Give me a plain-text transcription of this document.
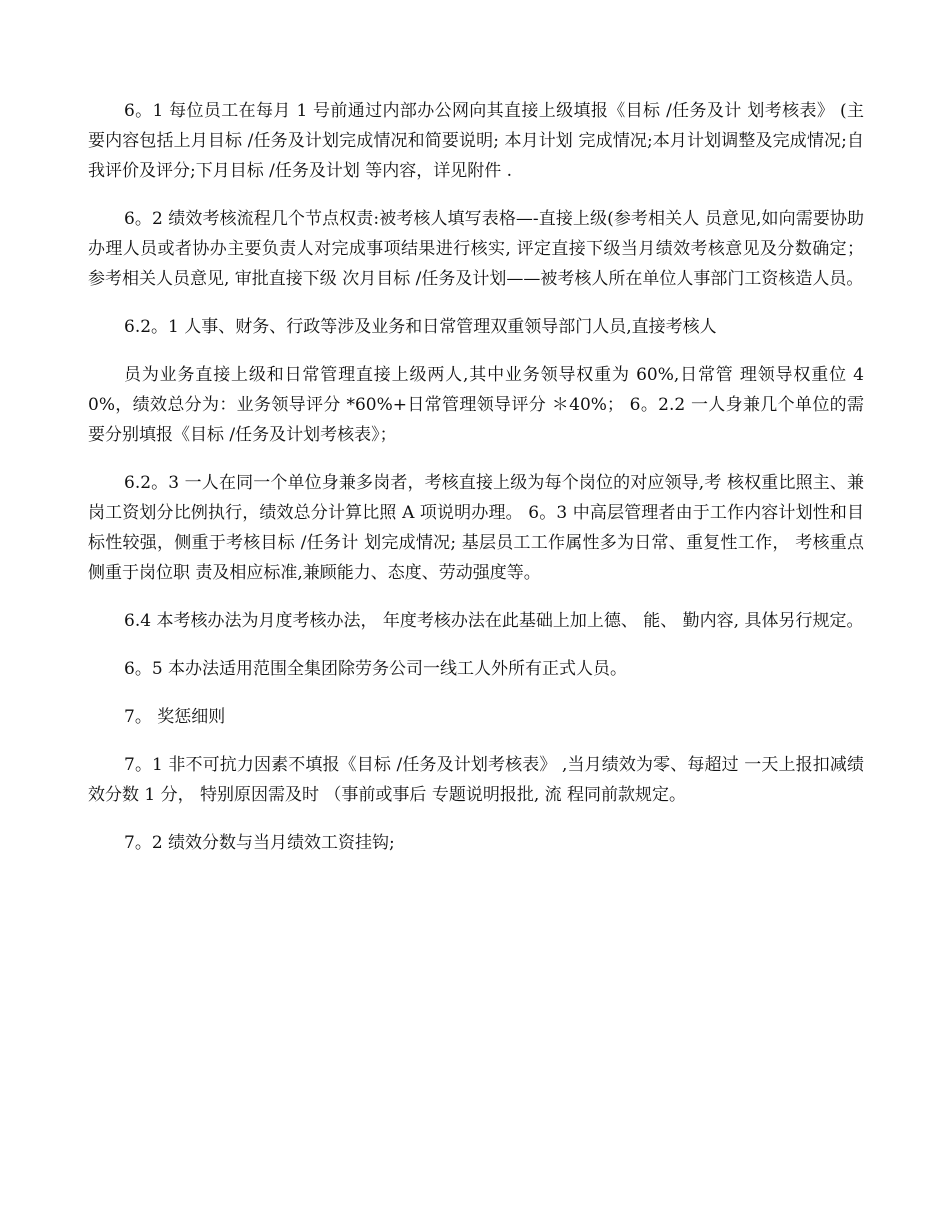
6。1 每位员工在每月 1 号前通过内部办公网向其直接上级填报《目标 /任务及计 划考核表》 (主要内容包括上月目标 /任务及计划完成情况和简要说明; 本月计划 完成情况;本月计划调整及完成情况;自我评价及评分;下月目标 /任务及计划 等内容，详见附件 .

6。2 绩效考核流程几个节点权责:被考核人填写表格—-直接上级(参考相关人 员意见,如向需要协助办理人员或者协办主要负责人对完成事项结果进行核实, 评定直接下级当月绩效考核意见及分数确定； 参考相关人员意见, 审批直接下级 次月目标 /任务及计划——被考核人所在单位人事部门工资核造人员。

6.2。1 人事、财务、行政等涉及业务和日常管理双重领导部门人员,直接考核人

员为业务直接上级和日常管理直接上级两人,其中业务领导权重为 60%,日常管 理领导权重位 40%，绩效总分为：业务领导评分 *60%+日常管理领导评分 ＊40%； 6。2.2 一人身兼几个单位的需要分别填报《目标 /任务及计划考核表》；

6.2。3 一人在同一个单位身兼多岗者，考核直接上级为每个岗位的对应领导,考 核权重比照主、兼岗工资划分比例执行，绩效总分计算比照 A 项说明办理。 6。3 中高层管理者由于工作内容计划性和目标性较强，侧重于考核目标 /任务计 划完成情况; 基层员工工作属性多为日常、重复性工作， 考核重点侧重于岗位职 责及相应标准,兼顾能力、态度、劳动强度等。

6.4 本考核办法为月度考核办法， 年度考核办法在此基础上加上德、 能、 勤内容, 具体另行规定。

6。5 本办法适用范围全集团除劳务公司一线工人外所有正式人员。

7。 奖惩细则

7。1 非不可抗力因素不填报《目标 /任务及计划考核表》 ,当月绩效为零、每超过 一天上报扣减绩效分数 1 分， 特别原因需及时 （事前或事后 专题说明报批, 流 程同前款规定。

7。2 绩效分数与当月绩效工资挂钩;
